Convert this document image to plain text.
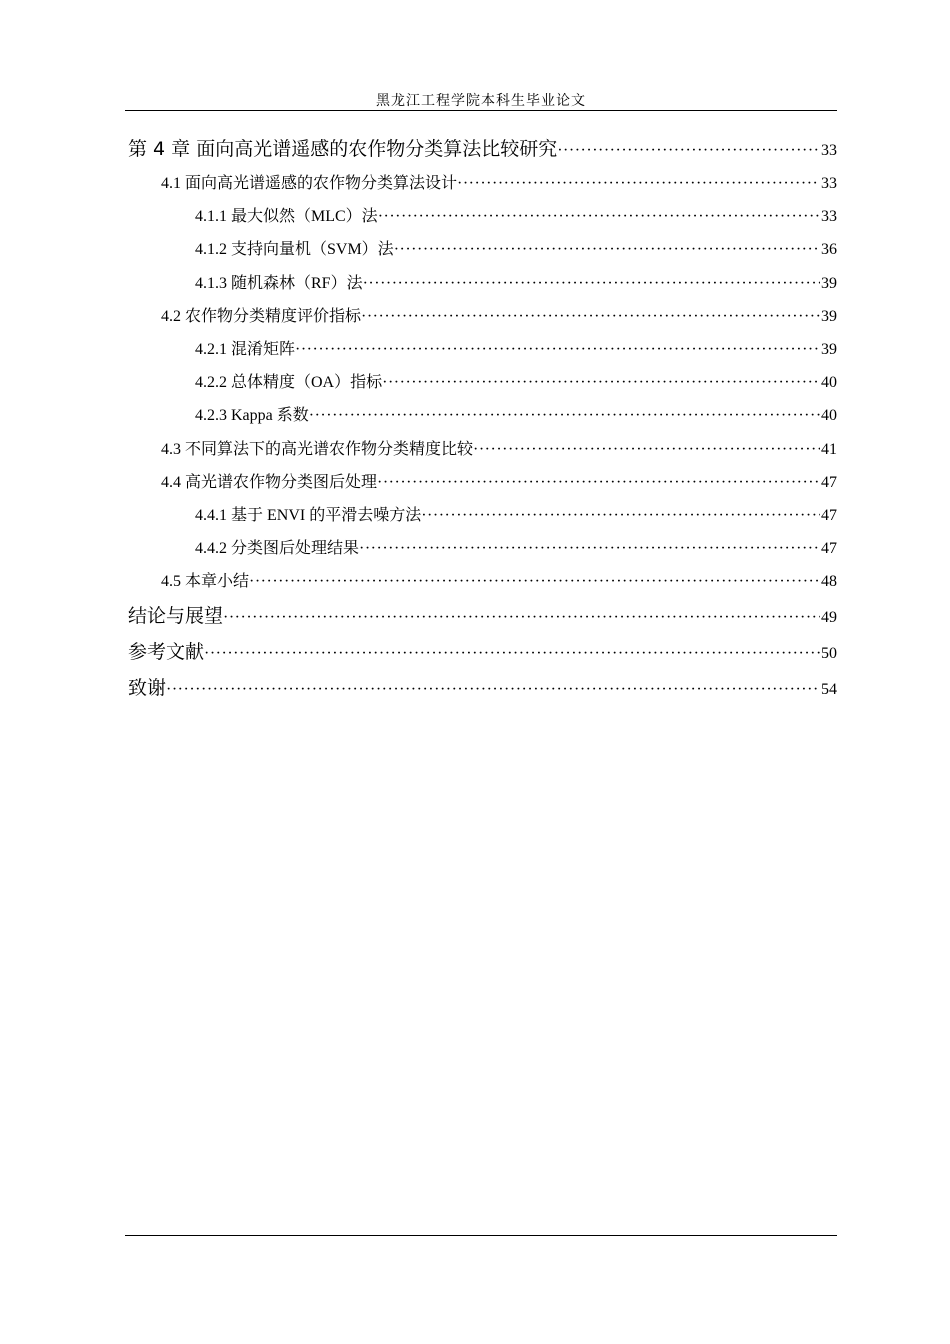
黑龙江工程学院本科生毕业论文
第 4 章 面向高光谱遥感的农作物分类算法比较研究 ·····	33
4.1 面向高光谱遥感的农作物分类算法设计 ·····	33
4.1.1 最大似然（MLC）法 ·····	33
4.1.2 支持向量机（SVM）法 ·····	36
4.1.3 随机森林（RF）法 ·····	39
4.2 农作物分类精度评价指标 ·····	39
4.2.1 混淆矩阵 ·····	39
4.2.2 总体精度（OA）指标 ·····	40
4.2.3 Kappa 系数 ·····	40
4.3 不同算法下的高光谱农作物分类精度比较 ·····	41
4.4 高光谱农作物分类图后处理 ·····	47
4.4.1 基于 ENVI 的平滑去噪方法 ·····	47
4.4.2 分类图后处理结果 ·····	47
4.5 本章小结 ·····	48
结论与展望 ·····	49
参考文献 ·····	50
致谢 ·····	54
